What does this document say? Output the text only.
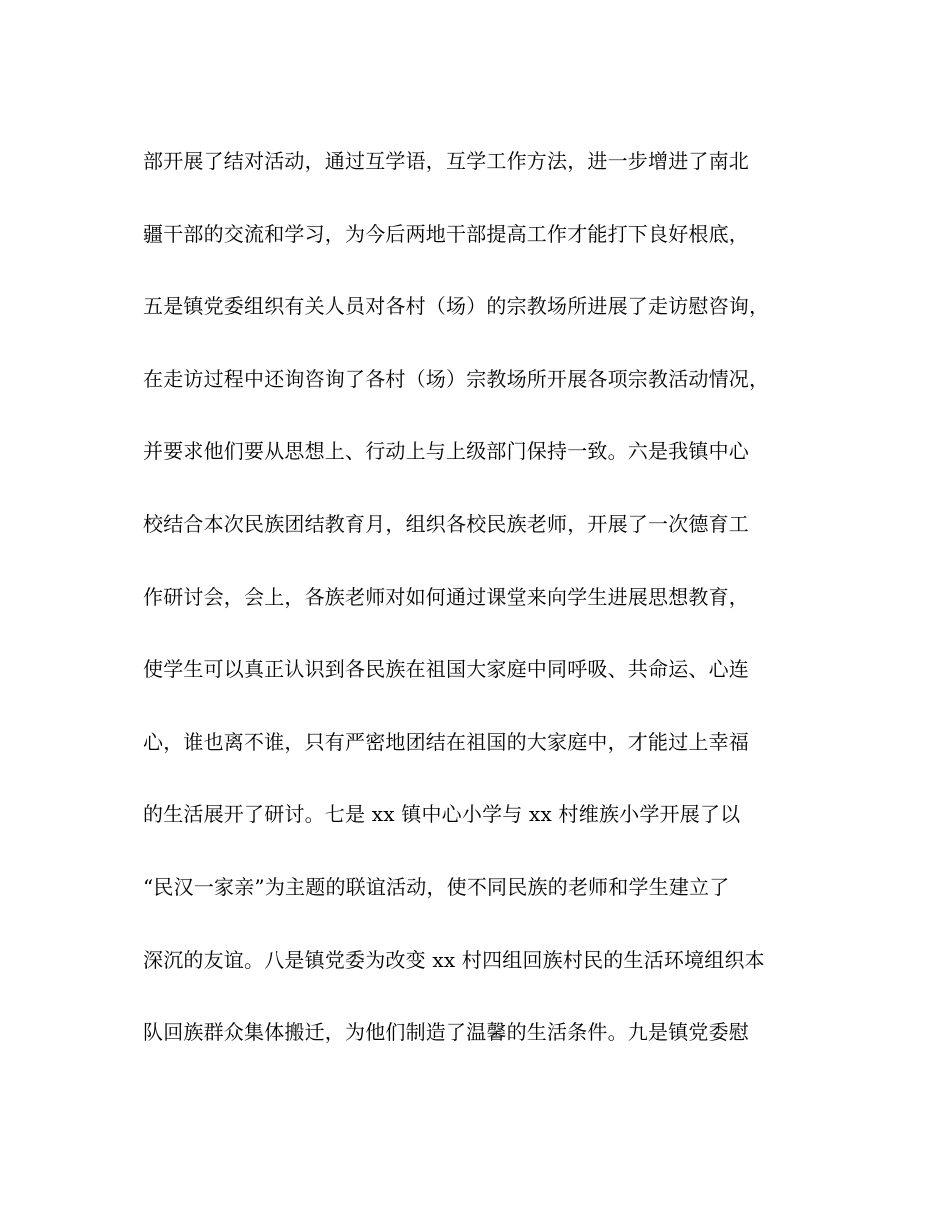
部开展了结对活动，通过互学语，互学工作方法，进一步增进了南北
疆干部的交流和学习，为今后两地干部提高工作才能打下良好根底，
五是镇党委组织有关人员对各村（场）的宗教场所进展了走访慰咨询，
在走访过程中还询咨询了各村（场）宗教场所开展各项宗教活动情况，
并要求他们要从思想上、行动上与上级部门保持一致。六是我镇中心
校结合本次民族团结教育月，组织各校民族老师，开展了一次德育工
作研讨会，会上，各族老师对如何通过课堂来向学生进展思想教育，
使学生可以真正认识到各民族在祖国大家庭中同呼吸、共命运、心连
心，谁也离不谁，只有严密地团结在祖国的大家庭中，才能过上幸福
的生活展开了研讨。七是 xx 镇中心小学与 xx 村维族小学开展了以
“民汉一家亲”为主题的联谊活动，使不同民族的老师和学生建立了
深沉的友谊。八是镇党委为改变 xx 村四组回族村民的生活环境组织本
队回族群众集体搬迁，为他们制造了温馨的生活条件。九是镇党委慰
